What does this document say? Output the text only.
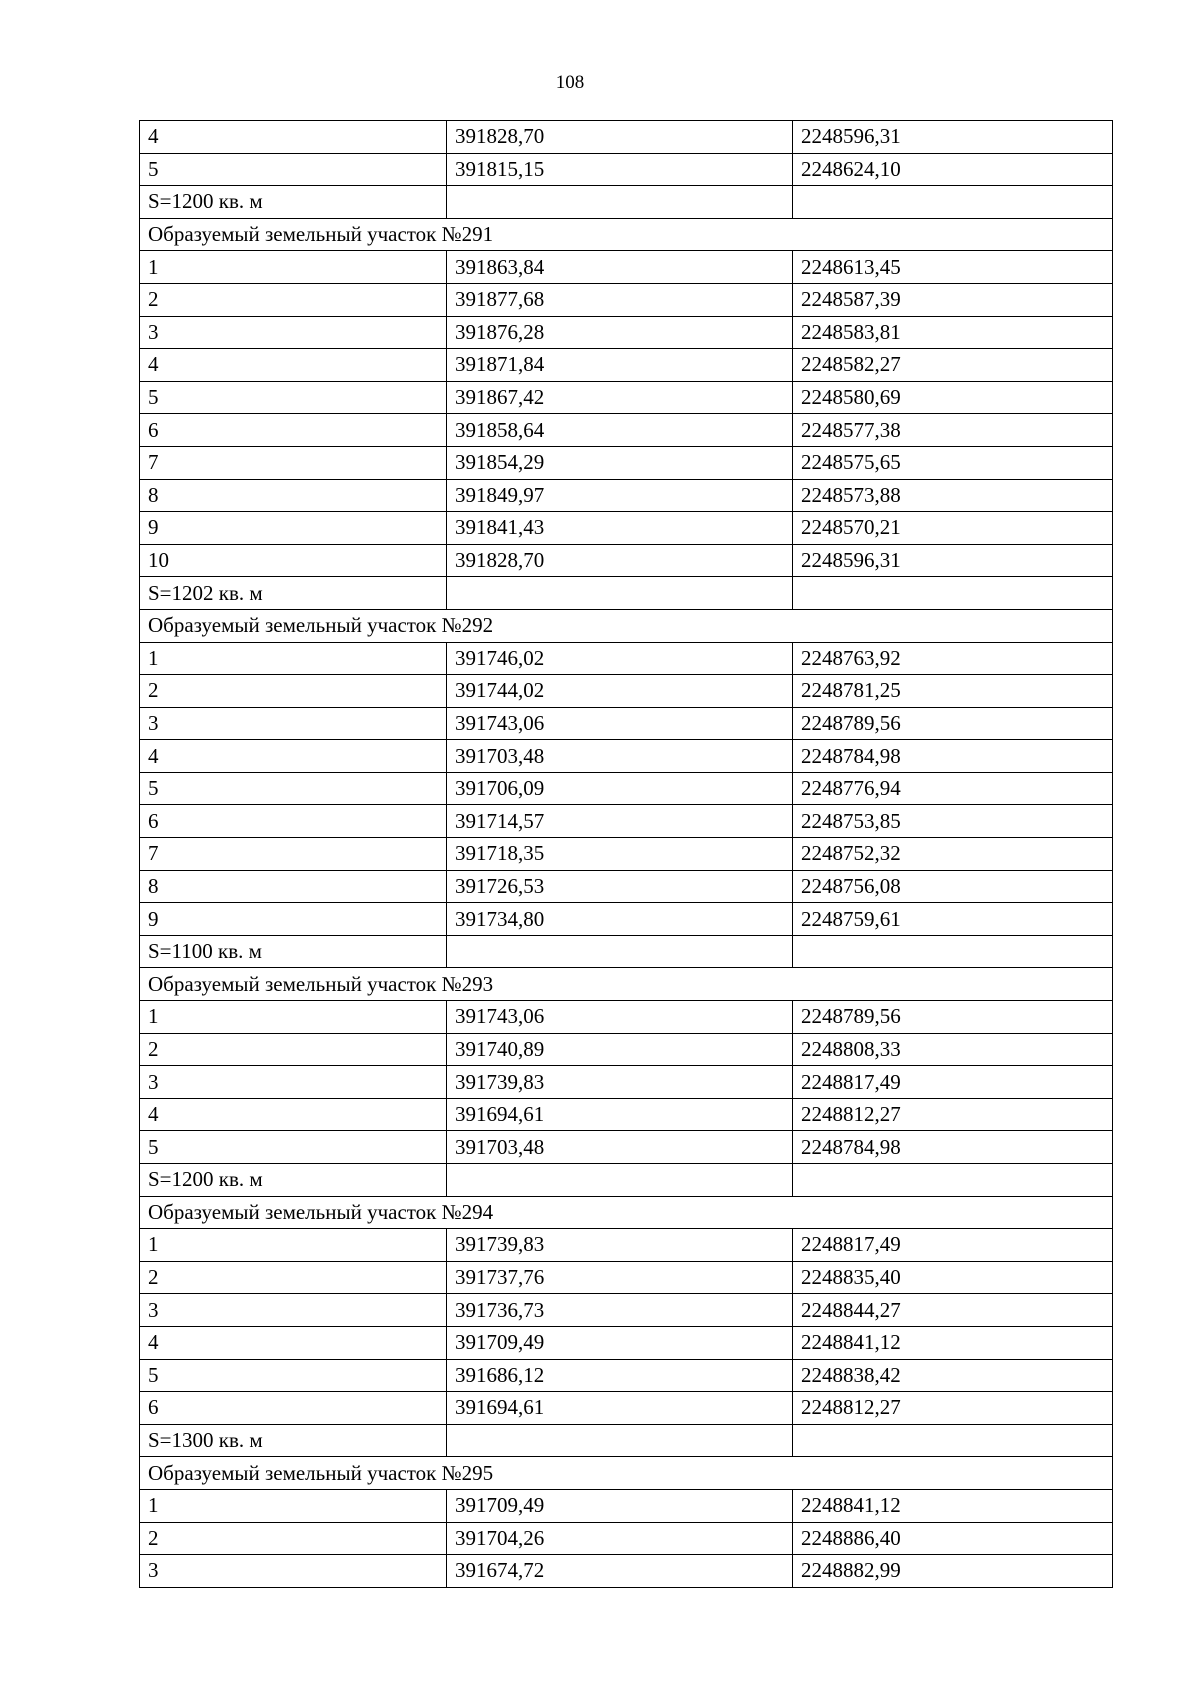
108
4	391828,70	2248596,31
5	391815,15	2248624,10
S=1200 кв. м		
Образуемый земельный участок №291		
1	391863,84	2248613,45
2	391877,68	2248587,39
3	391876,28	2248583,81
4	391871,84	2248582,27
5	391867,42	2248580,69
6	391858,64	2248577,38
7	391854,29	2248575,65
8	391849,97	2248573,88
9	391841,43	2248570,21
10	391828,70	2248596,31
S=1202 кв. м		
Образуемый земельный участок №292		
1	391746,02	2248763,92
2	391744,02	2248781,25
3	391743,06	2248789,56
4	391703,48	2248784,98
5	391706,09	2248776,94
6	391714,57	2248753,85
7	391718,35	2248752,32
8	391726,53	2248756,08
9	391734,80	2248759,61
S=1100 кв. м		
Образуемый земельный участок №293		
1	391743,06	2248789,56
2	391740,89	2248808,33
3	391739,83	2248817,49
4	391694,61	2248812,27
5	391703,48	2248784,98
S=1200 кв. м		
Образуемый земельный участок №294		
1	391739,83	2248817,49
2	391737,76	2248835,40
3	391736,73	2248844,27
4	391709,49	2248841,12
5	391686,12	2248838,42
6	391694,61	2248812,27
S=1300 кв. м		
Образуемый земельный участок №295		
1	391709,49	2248841,12
2	391704,26	2248886,40
3	391674,72	2248882,99
